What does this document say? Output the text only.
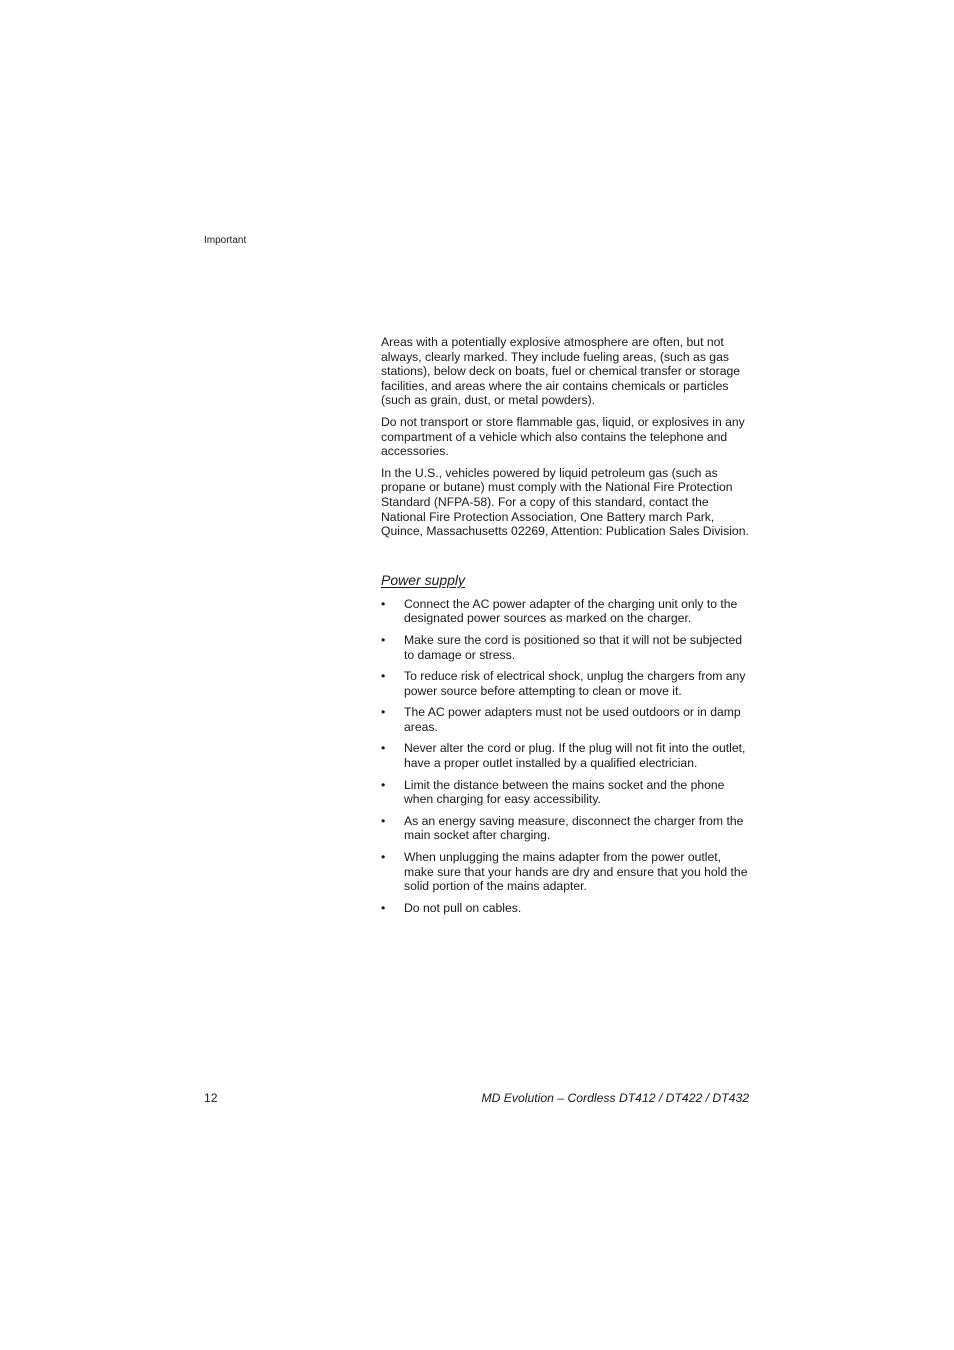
Important

Areas with a potentially explosive atmosphere are often, but not always, clearly marked. They include fueling areas, (such as gas stations), below deck on boats, fuel or chemical transfer or storage facilities, and areas where the air contains chemicals or particles (such as grain, dust, or metal powders).

Do not transport or store flammable gas, liquid, or explosives in any compartment of a vehicle which also contains the telephone and accessories.

In the U.S., vehicles powered by liquid petroleum gas (such as propane or butane) must comply with the National Fire Protection Standard (NFPA-58). For a copy of this standard, contact the National Fire Protection Association, One Battery march Park, Quince, Massachusetts 02269, Attention: Publication Sales Division.

Power supply
• Connect the AC power adapter of the charging unit only to the designated power sources as marked on the charger.
• Make sure the cord is positioned so that it will not be subjected to damage or stress.
• To reduce risk of electrical shock, unplug the chargers from any power source before attempting to clean or move it.
• The AC power adapters must not be used outdoors or in damp areas.
• Never alter the cord or plug. If the plug will not fit into the outlet, have a proper outlet installed by a qualified electrician.
• Limit the distance between the mains socket and the phone when charging for easy accessibility.
• As an energy saving measure, disconnect the charger from the main socket after charging.
• When unplugging the mains adapter from the power outlet, make sure that your hands are dry and ensure that you hold the solid portion of the mains adapter.
• Do not pull on cables.
12	MD Evolution – Cordless DT412 / DT422 / DT432
